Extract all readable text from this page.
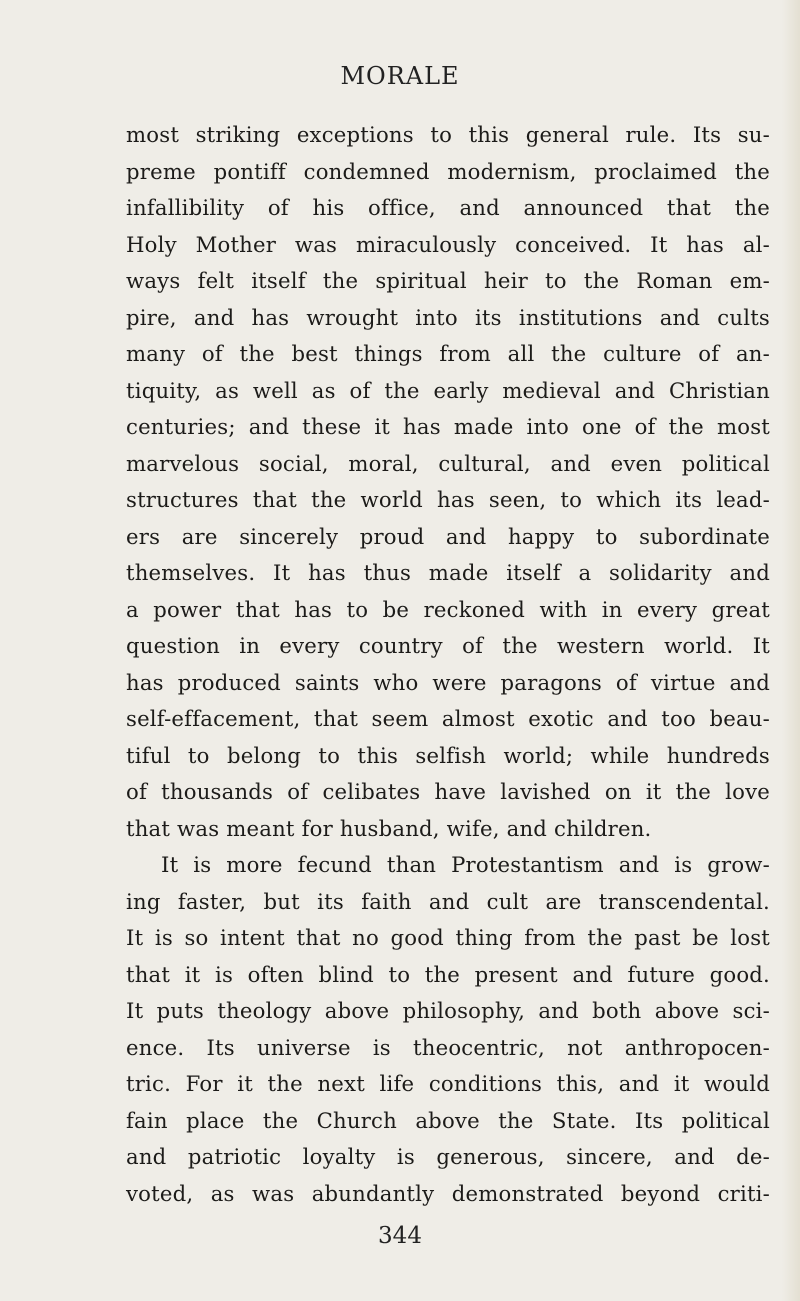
MORALE
most striking exceptions to this general rule. Its su-
preme pontiff condemned modernism, proclaimed the
infallibility of his office, and announced that the
Holy Mother was miraculously conceived. It has al-
ways felt itself the spiritual heir to the Roman em-
pire, and has wrought into its institutions and cults
many of the best things from all the culture of an-
tiquity, as well as of the early medieval and Christian
centuries; and these it has made into one of the most
marvelous social, moral, cultural, and even political
structures that the world has seen, to which its lead-
ers are sincerely proud and happy to subordinate
themselves. It has thus made itself a solidarity and
a power that has to be reckoned with in every great
question in every country of the western world. It
has produced saints who were paragons of virtue and
self-effacement, that seem almost exotic and too beau-
tiful to belong to this selfish world; while hundreds
of thousands of celibates have lavished on it the love
that was meant for husband, wife, and children.
It is more fecund than Protestantism and is grow-
ing faster, but its faith and cult are transcendental.
It is so intent that no good thing from the past be lost
that it is often blind to the present and future good.
It puts theology above philosophy, and both above sci-
ence. Its universe is theocentric, not anthropocen-
tric. For it the next life conditions this, and it would
fain place the Church above the State. Its political
and patriotic loyalty is generous, sincere, and de-
voted, as was abundantly demonstrated beyond criti-
344
